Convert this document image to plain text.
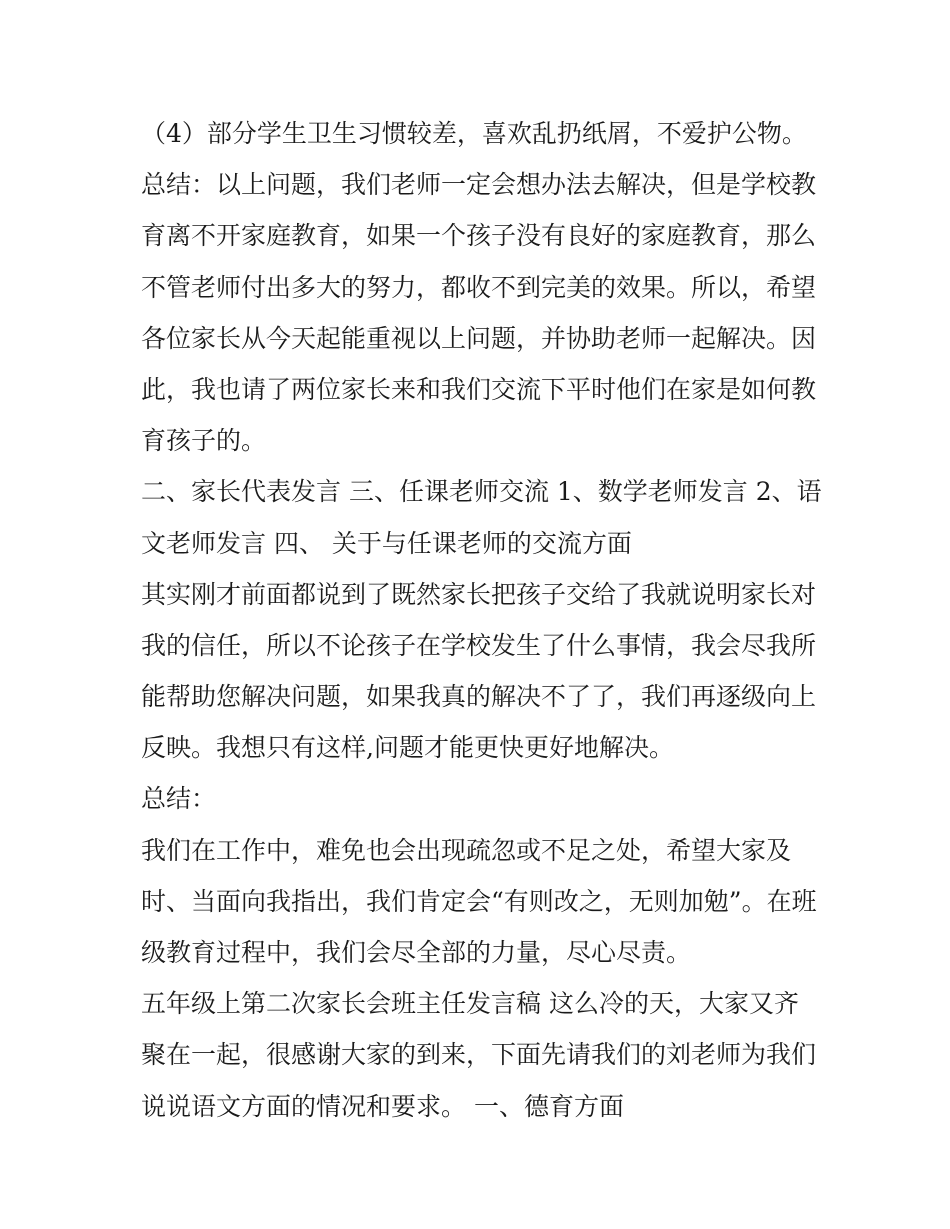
（4）部分学生卫生习惯较差，喜欢乱扔纸屑，不爱护公物。
总结：以上问题，我们老师一定会想办法去解决，但是学校教
育离不开家庭教育，如果一个孩子没有良好的家庭教育，那么
不管老师付出多大的努力，都收不到完美的效果。所以，希望
各位家长从今天起能重视以上问题，并协助老师一起解决。因
此，我也请了两位家长来和我们交流下平时他们在家是如何教
育孩子的。
二、家长代表发言 三、任课老师交流 1、数学老师发言 2、语
文老师发言 四、 关于与任课老师的交流方面
其实刚才前面都说到了既然家长把孩子交给了我就说明家长对
我的信任，所以不论孩子在学校发生了什么事情，我会尽我所
能帮助您解决问题，如果我真的解决不了了，我们再逐级向上
反映。我想只有这样,问题才能更快更好地解决。
总结：
我们在工作中，难免也会出现疏忽或不足之处，希望大家及
时、当面向我指出，我们肯定会“有则改之，无则加勉”。在班
级教育过程中，我们会尽全部的力量，尽心尽责。
五年级上第二次家长会班主任发言稿 这么冷的天，大家又齐
聚在一起，很感谢大家的到来，下面先请我们的刘老师为我们
说说语文方面的情况和要求。 一、德育方面
